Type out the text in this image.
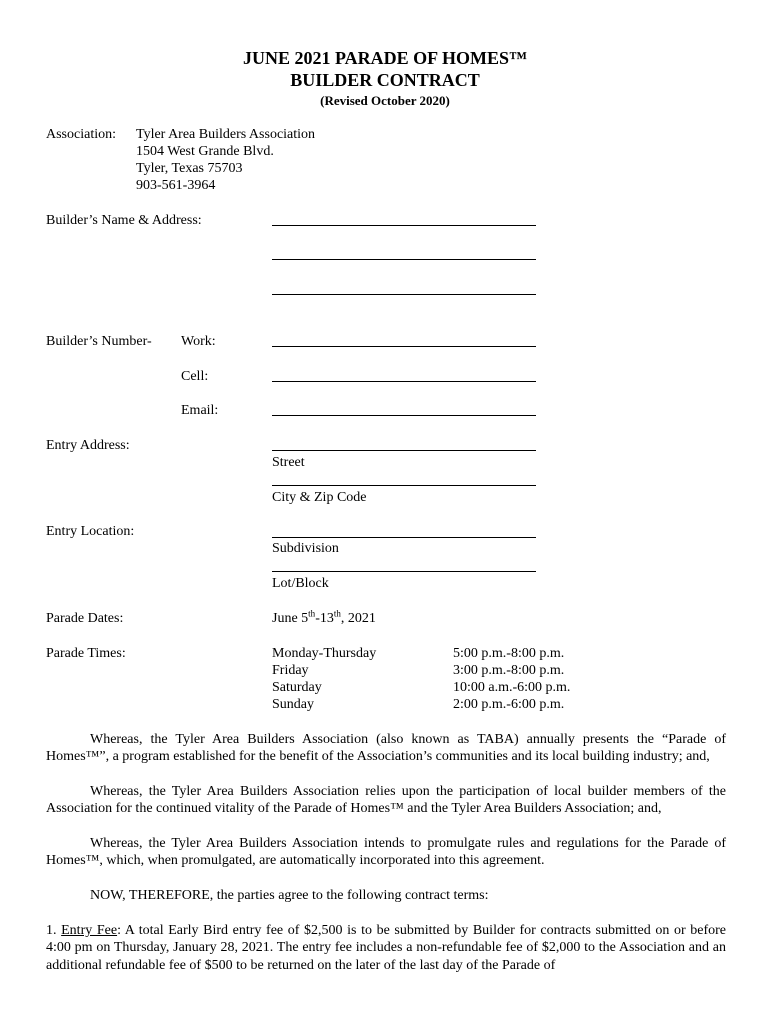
JUNE 2021 PARADE OF HOMES™
BUILDER CONTRACT
(Revised October 2020)
Association: Tyler Area Builders Association
1504 West Grande Blvd.
Tyler, Texas 75703
903-561-3964
Builder’s Name & Address:
Builder’s Number- Work:
Cell:
Email:
Entry Address:
Street
City & Zip Code
Entry Location:
Subdivision
Lot/Block
Parade Dates:	June 5th-13th, 2021
Parade Times:	Monday-Thursday	5:00 p.m.-8:00 p.m.
Friday	3:00 p.m.-8:00 p.m.
Saturday	10:00 a.m.-6:00 p.m.
Sunday	2:00 p.m.-6:00 p.m.

Whereas, the Tyler Area Builders Association (also known as TABA) annually presents the “Parade of Homes™”, a program established for the benefit of the Association’s communities and its local building industry; and,

Whereas, the Tyler Area Builders Association relies upon the participation of local builder members of the Association for the continued vitality of the Parade of Homes™ and the Tyler Area Builders Association; and,

Whereas, the Tyler Area Builders Association intends to promulgate rules and regulations for the Parade of Homes™, which, when promulgated, are automatically incorporated into this agreement.

NOW, THEREFORE, the parties agree to the following contract terms:

1. Entry Fee: A total Early Bird entry fee of $2,500 is to be submitted by Builder for contracts submitted on or before 4:00 pm on Thursday, January 28, 2021. The entry fee includes a non-refundable fee of $2,000 to the Association and an additional refundable fee of $500 to be returned on the later of the last day of the Parade of
